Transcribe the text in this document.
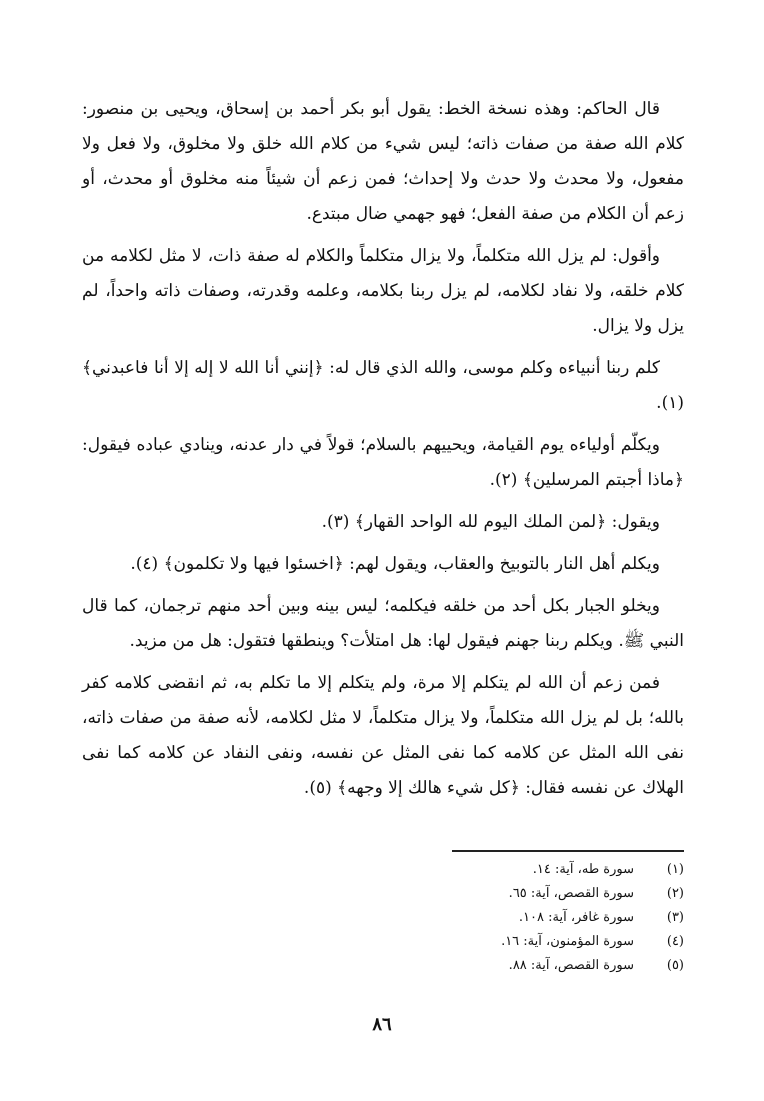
قال الحاكم: وهذه نسخة الخط: يقول أبو بكر أحمد بن إسحاق، ويحيى بن منصور: كلام الله صفة من صفات ذاته؛ ليس شيء من كلام الله خلق ولا مخلوق، ولا فعل ولا مفعول، ولا محدث ولا حدث ولا إحداث؛ فمن زعم أن شيئاً منه مخلوق أو محدث، أو زعم أن الكلام من صفة الفعل؛ فهو جهمي ضال مبتدع.

وأقول: لم يزل الله متكلماً، ولا يزال متكلماً والكلام له صفة ذات، لا مثل لكلامه من كلام خلقه، ولا نفاد لكلامه، لم يزل ربنا بكلامه، وعلمه وقدرته، وصفات ذاته واحداً، لم يزل ولا يزال.

كلم ربنا أنبياءه وكلم موسى، والله الذي قال له: ﴿إنني أنا الله لا إله إلا أنا فاعبدني﴾ (١).

ويكلّم أولياءه يوم القيامة، ويحييهم بالسلام؛ قولاً في دار عدنه، وينادي عباده فيقول: ﴿ماذا أجبتم المرسلين﴾ (٢).

ويقول: ﴿لمن الملك اليوم لله الواحد القهار﴾ (٣).

ويكلم أهل النار بالتوبيخ والعقاب، ويقول لهم: ﴿اخسئوا فيها ولا تكلمون﴾ (٤).

ويخلو الجبار بكل أحد من خلقه فيكلمه؛ ليس بينه وبين أحد منهم ترجمان، كما قال النبي ﷺ. ويكلم ربنا جهنم فيقول لها: هل امتلأت؟ وينطقها فتقول: هل من مزيد.

فمن زعم أن الله لم يتكلم إلا مرة، ولم يتكلم إلا ما تكلم به، ثم انقضى كلامه كفر بالله؛ بل لم يزل الله متكلماً، ولا يزال متكلماً، لا مثل لكلامه، لأنه صفة من صفات ذاته، نفى الله المثل عن كلامه كما نفى المثل عن نفسه، ونفى النفاد عن كلامه كما نفى الهلاك عن نفسه فقال: ﴿كل شيء هالك إلا وجهه﴾ (٥).

(١)
سورة طه، آية: ١٤.
(٢)
سورة القصص، آية: ٦٥.
(٣)
سورة غافر، آية: ١٠٨.
(٤)
سورة المؤمنون، آية: ١٦.
(٥)
سورة القصص، آية: ٨٨.
٨٦
